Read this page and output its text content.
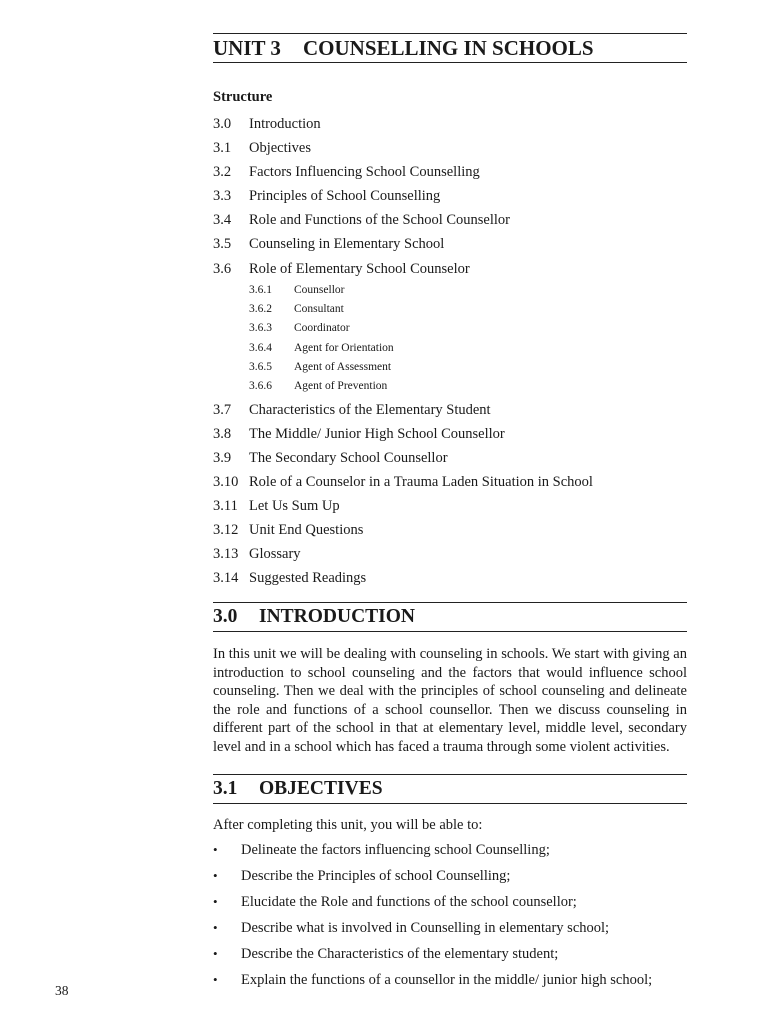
UNIT 3 COUNSELLING IN SCHOOLS
Structure
3.0 Introduction
3.1 Objectives
3.2 Factors Influencing School Counselling
3.3 Principles of School Counselling
3.4 Role and Functions of the School Counsellor
3.5 Counseling in Elementary School
3.6 Role of Elementary School Counselor
3.6.1 Counsellor
3.6.2 Consultant
3.6.3 Coordinator
3.6.4 Agent for Orientation
3.6.5 Agent of Assessment
3.6.6 Agent of Prevention
3.7 Characteristics of the Elementary Student
3.8 The Middle/ Junior High School Counsellor
3.9 The Secondary School Counsellor
3.10 Role of a Counselor in a Trauma Laden Situation in School
3.11 Let Us Sum Up
3.12 Unit End Questions
3.13 Glossary
3.14 Suggested Readings
3.0 INTRODUCTION

In this unit we will be dealing with counseling in schools. We start with giving an introduction to school counseling and the factors that would influence school counseling. Then we deal with the principles of school counseling and delineate the role and functions of a school counsellor. Then we discuss counseling in different part of the school in that at elementary level, middle level, secondary level and in a school which has faced a trauma through some violent activities.

3.1 OBJECTIVES
After completing this unit, you will be able to:
• Delineate the factors influencing school Counselling;
• Describe the Principles of school Counselling;
• Elucidate the Role and functions of the school counsellor;
• Describe what is involved in Counselling in elementary school;
• Describe the Characteristics of the elementary student;
• Explain the functions of a counsellor in the middle/ junior high school;
38
